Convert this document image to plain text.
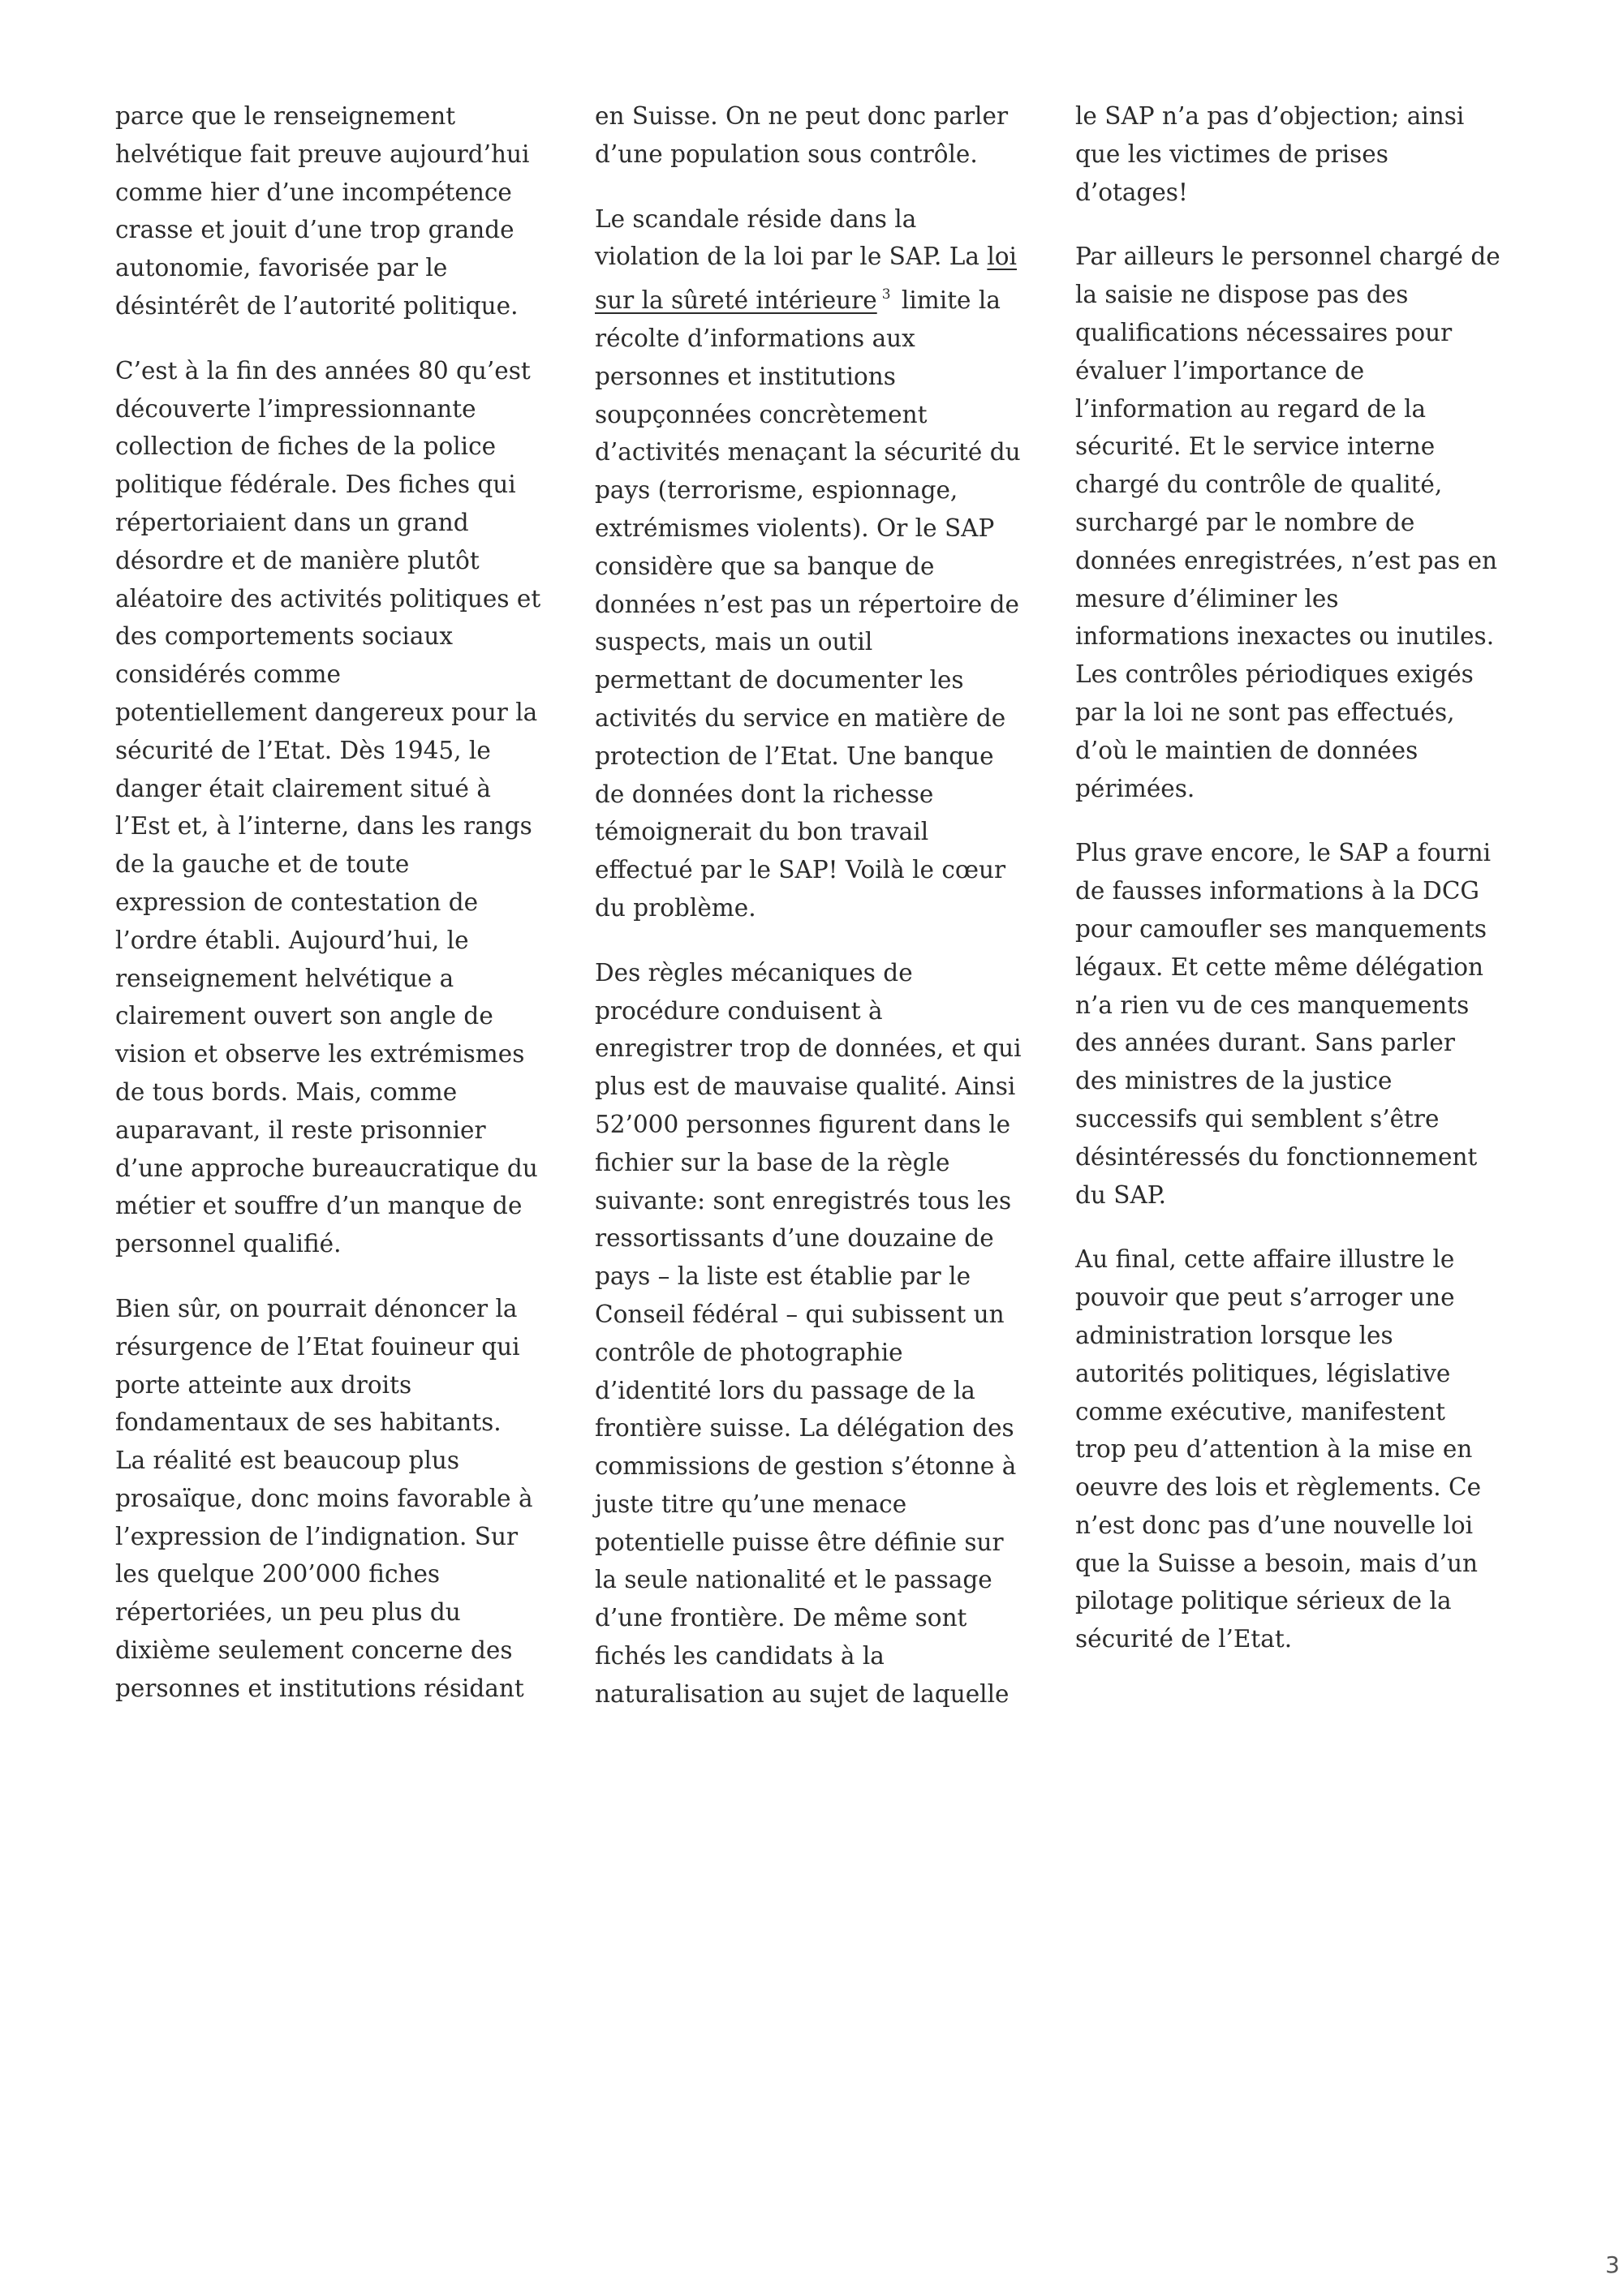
parce que le renseignement
helvétique fait preuve aujourd’hui
comme hier d’une incompétence
crasse et jouit d’une trop grande
autonomie, favorisée par le
désintérêt de l’autorité politique.

C’est à la fin des années 80 qu’est
découverte l’impressionnante
collection de fiches de la police
politique fédérale. Des fiches qui
répertoriaient dans un grand
désordre et de manière plutôt
aléatoire des activités politiques et
des comportements sociaux
considérés comme
potentiellement dangereux pour la
sécurité de l’Etat. Dès 1945, le
danger était clairement situé à
l’Est et, à l’interne, dans les rangs
de la gauche et de toute
expression de contestation de
l’ordre établi. Aujourd’hui, le
renseignement helvétique a
clairement ouvert son angle de
vision et observe les extrémismes
de tous bords. Mais, comme
auparavant, il reste prisonnier
d’une approche bureaucratique du
métier et souffre d’un manque de
personnel qualifié.

Bien sûr, on pourrait dénoncer la
résurgence de l’Etat fouineur qui
porte atteinte aux droits
fondamentaux de ses habitants.
La réalité est beaucoup plus
prosaïque, donc moins favorable à
l’expression de l’indignation. Sur
les quelque 200’000 fiches
répertoriées, un peu plus du
dixième seulement concerne des
personnes et institutions résidant

en Suisse. On ne peut donc parler
d’une population sous contrôle.

Le scandale réside dans la
violation de la loi par le SAP. La loi
sur la sûreté intérieure $^3$ limite la
récolte d’informations aux
personnes et institutions
soupçonnées concrètement
d’activités menaçant la sécurité du
pays (terrorisme, espionnage,
extrémismes violents). Or le SAP
considère que sa banque de
données n’est pas un répertoire de
suspects, mais un outil
permettant de documenter les
activités du service en matière de
protection de l’Etat. Une banque
de données dont la richesse
témoignerait du bon travail
effectué par le SAP! Voilà le cœur
du problème.

Des règles mécaniques de
procédure conduisent à
enregistrer trop de données, et qui
plus est de mauvaise qualité. Ainsi
52’000 personnes figurent dans le
fichier sur la base de la règle
suivante: sont enregistrés tous les
ressortissants d’une douzaine de
pays – la liste est établie par le
Conseil fédéral – qui subissent un
contrôle de photographie
d’identité lors du passage de la
frontière suisse. La délégation des
commissions de gestion s’étonne à
juste titre qu’une menace
potentielle puisse être définie sur
la seule nationalité et le passage
d’une frontière. De même sont
fichés les candidats à la
naturalisation au sujet de laquelle

le SAP n’a pas d’objection; ainsi
que les victimes de prises
d’otages!

Par ailleurs le personnel chargé de
la saisie ne dispose pas des
qualifications nécessaires pour
évaluer l’importance de
l’information au regard de la
sécurité. Et le service interne
chargé du contrôle de qualité,
surchargé par le nombre de
données enregistrées, n’est pas en
mesure d’éliminer les
informations inexactes ou inutiles.
Les contrôles périodiques exigés
par la loi ne sont pas effectués,
d’où le maintien de données
périmées.

Plus grave encore, le SAP a fourni
de fausses informations à la DCG
pour camoufler ses manquements
légaux. Et cette même délégation
n’a rien vu de ces manquements
des années durant. Sans parler
des ministres de la justice
successifs qui semblent s’être
désintéressés du fonctionnement
du SAP.

Au final, cette affaire illustre le
pouvoir que peut s’arroger une
administration lorsque les
autorités politiques, législative
comme exécutive, manifestent
trop peu d’attention à la mise en
oeuvre des lois et règlements. Ce
n’est donc pas d’une nouvelle loi
que la Suisse a besoin, mais d’un
pilotage politique sérieux de la
sécurité de l’Etat.

3
